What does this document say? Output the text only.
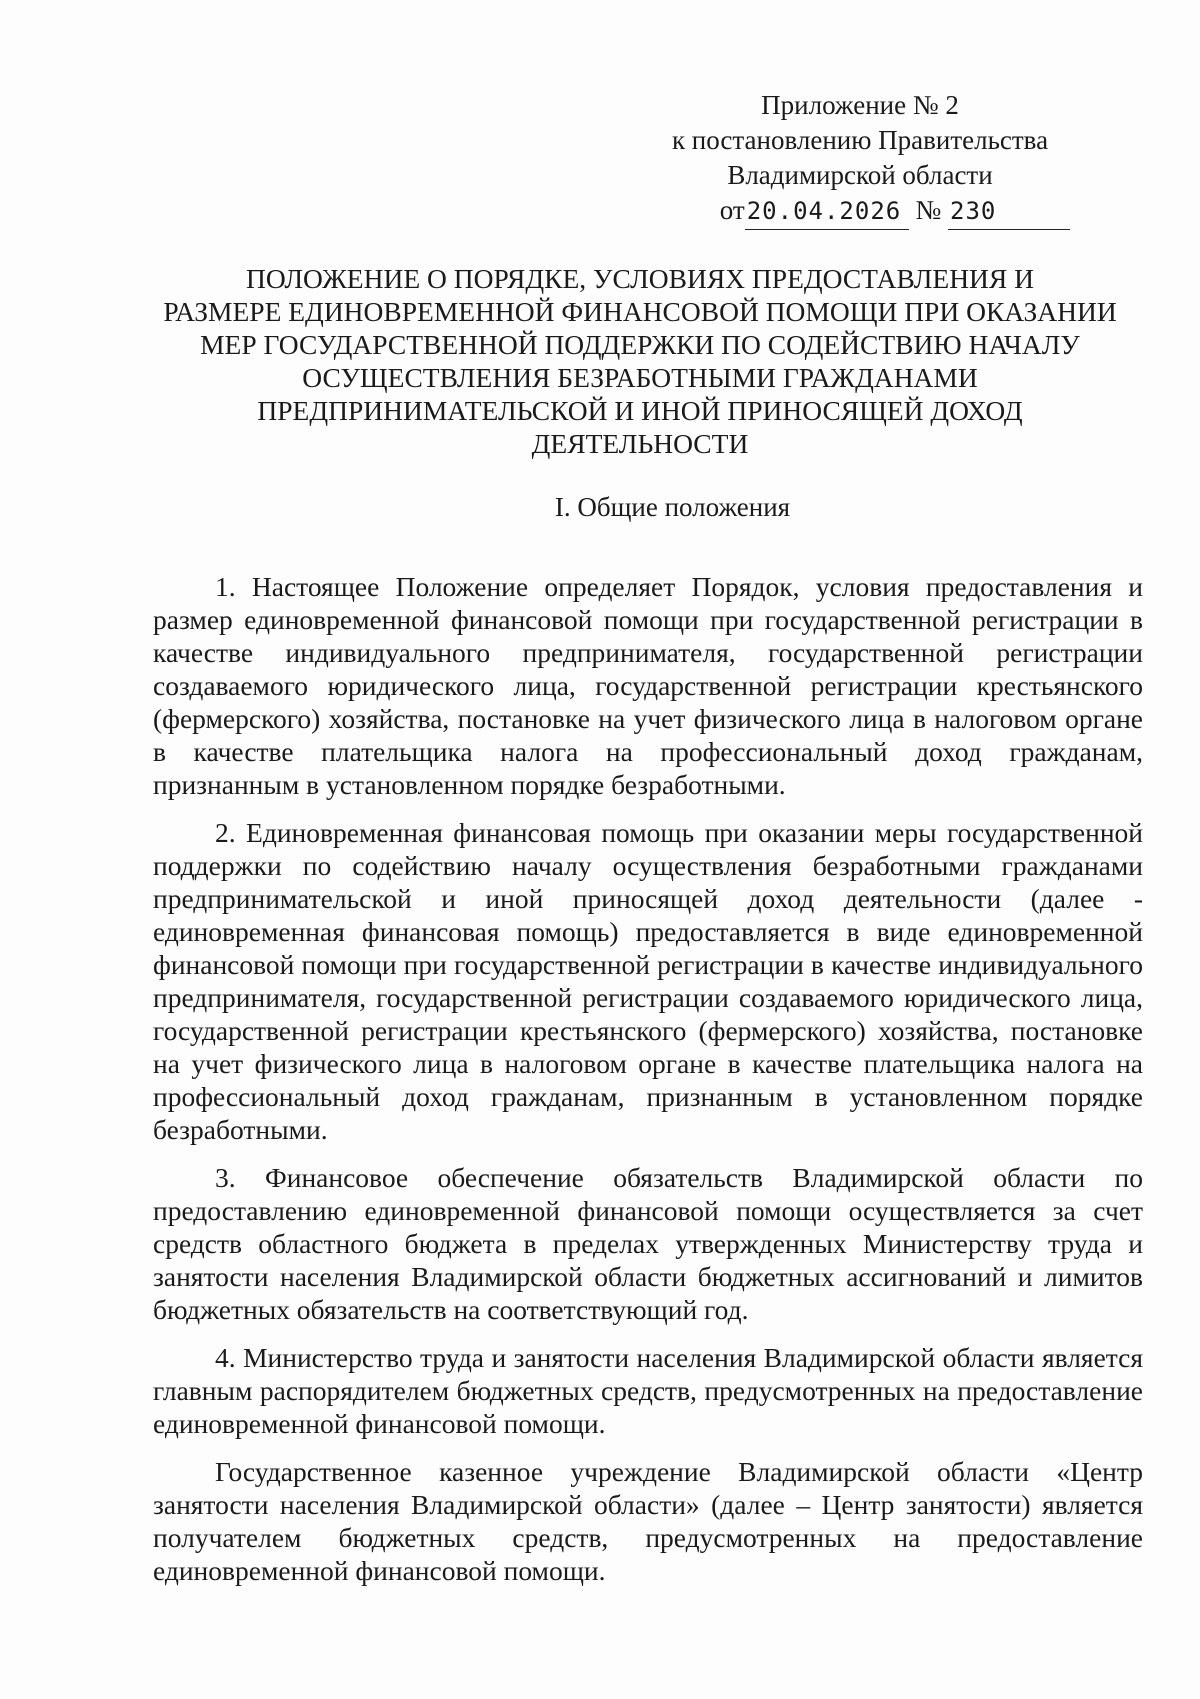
Приложение № 2
к постановлению Правительства
Владимирской области
от20.04.2026 № 230
ПОЛОЖЕНИЕ О ПОРЯДКЕ, УСЛОВИЯХ ПРЕДОСТАВЛЕНИЯ И
РАЗМЕРЕ ЕДИНОВРЕМЕННОЙ ФИНАНСОВОЙ ПОМОЩИ ПРИ ОКАЗАНИИ
МЕР ГОСУДАРСТВЕННОЙ ПОДДЕРЖКИ ПО СОДЕЙСТВИЮ НАЧАЛУ
ОСУЩЕСТВЛЕНИЯ БЕЗРАБОТНЫМИ ГРАЖДАНАМИ
ПРЕДПРИНИМАТЕЛЬСКОЙ И ИНОЙ ПРИНОСЯЩЕЙ ДОХОД
ДЕЯТЕЛЬНОСТИ
I. Общие положения

1. Настоящее Положение определяет Порядок, условия предоставления и размер единовременной финансовой помощи при государственной регистрации в качестве индивидуального предпринимателя, государственной регистрации создаваемого юридического лица, государственной регистрации крестьянского (фермерского) хозяйства, постановке на учет физического лица в налоговом органе в качестве плательщика налога на профессиональный доход гражданам, признанным в установленном порядке безработными.

2. Единовременная финансовая помощь при оказании меры государственной поддержки по содействию началу осуществления безработными гражданами предпринимательской и иной приносящей доход деятельности (далее - единовременная финансовая помощь) предоставляется в виде единовременной финансовой помощи при государственной регистрации в качестве индивидуального предпринимателя, государственной регистрации создаваемого юридического лица, государственной регистрации крестьянского (фермерского) хозяйства, постановке на учет физического лица в налоговом органе в качестве плательщика налога на профессиональный доход гражданам, признанным в установленном порядке безработными.

3. Финансовое обеспечение обязательств Владимирской области по предоставлению единовременной финансовой помощи осуществляется за счет средств областного бюджета в пределах утвержденных Министерству труда и занятости населения Владимирской области бюджетных ассигнований и лимитов бюджетных обязательств на соответствующий год.

4. Министерство труда и занятости населения Владимирской области является главным распорядителем бюджетных средств, предусмотренных на предоставление единовременной финансовой помощи.

Государственное казенное учреждение Владимирской области «Центр занятости населения Владимирской области» (далее – Центр занятости) является получателем бюджетных средств, предусмотренных на предоставление единовременной финансовой помощи.
